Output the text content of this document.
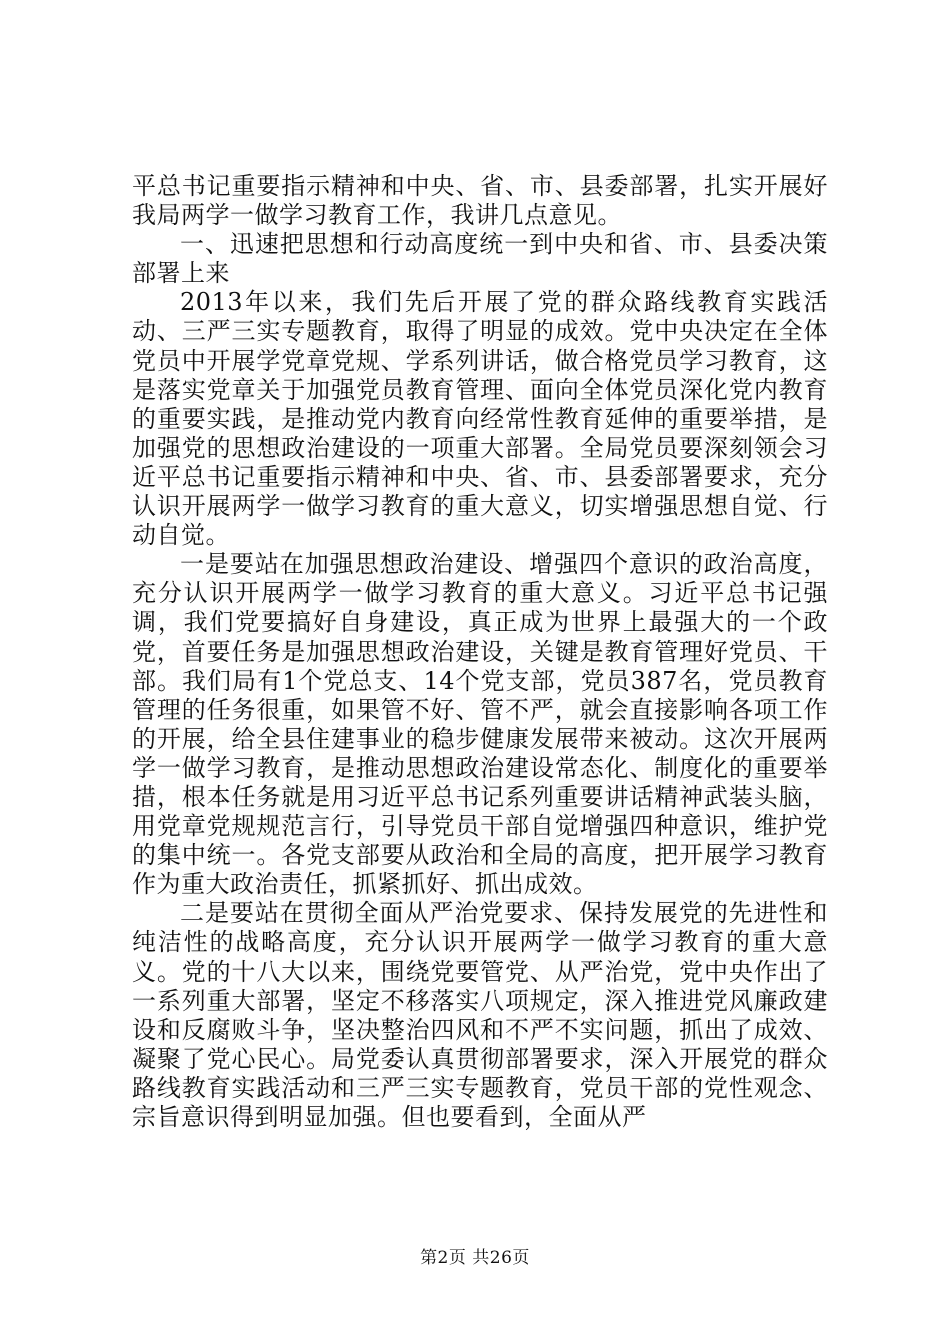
平总书记重要指示精神和中央、省、市、县委部署，扎实开展好我局两学一做学习教育工作，我讲几点意见。

一、迅速把思想和行动高度统一到中央和省、市、县委决策部署上来

2013年以来，我们先后开展了党的群众路线教育实践活动、三严三实专题教育，取得了明显的成效。党中央决定在全体党员中开展学党章党规、学系列讲话，做合格党员学习教育，这是落实党章关于加强党员教育管理、面向全体党员深化党内教育的重要实践，是推动党内教育向经常性教育延伸的重要举措，是加强党的思想政治建设的一项重大部署。全局党员要深刻领会习近平总书记重要指示精神和中央、省、市、县委部署要求，充分认识开展两学一做学习教育的重大意义，切实增强思想自觉、行动自觉。

一是要站在加强思想政治建设、增强四个意识的政治高度，充分认识开展两学一做学习教育的重大意义。习近平总书记强调，我们党要搞好自身建设，真正成为世界上最强大的一个政党，首要任务是加强思想政治建设，关键是教育管理好党员、干部。我们局有1个党总支、14个党支部，党员387名，党员教育管理的任务很重，如果管不好、管不严，就会直接影响各项工作的开展，给全县住建事业的稳步健康发展带来被动。这次开展两学一做学习教育，是推动思想政治建设常态化、制度化的重要举措，根本任务就是用习近平总书记系列重要讲话精神武装头脑，用党章党规规范言行，引导党员干部自觉增强四种意识，维护党的集中统一。各党支部要从政治和全局的高度，把开展学习教育作为重大政治责任，抓紧抓好、抓出成效。

二是要站在贯彻全面从严治党要求、保持发展党的先进性和纯洁性的战略高度，充分认识开展两学一做学习教育的重大意义。党的十八大以来，围绕党要管党、从严治党，党中央作出了一系列重大部署，坚定不移落实八项规定，深入推进党风廉政建设和反腐败斗争，坚决整治四风和不严不实问题，抓出了成效、凝聚了党心民心。局党委认真贯彻部署要求，深入开展党的群众路线教育实践活动和三严三实专题教育，党员干部的党性观念、宗旨意识得到明显加强。但也要看到，全面从严

第2页 共26页
